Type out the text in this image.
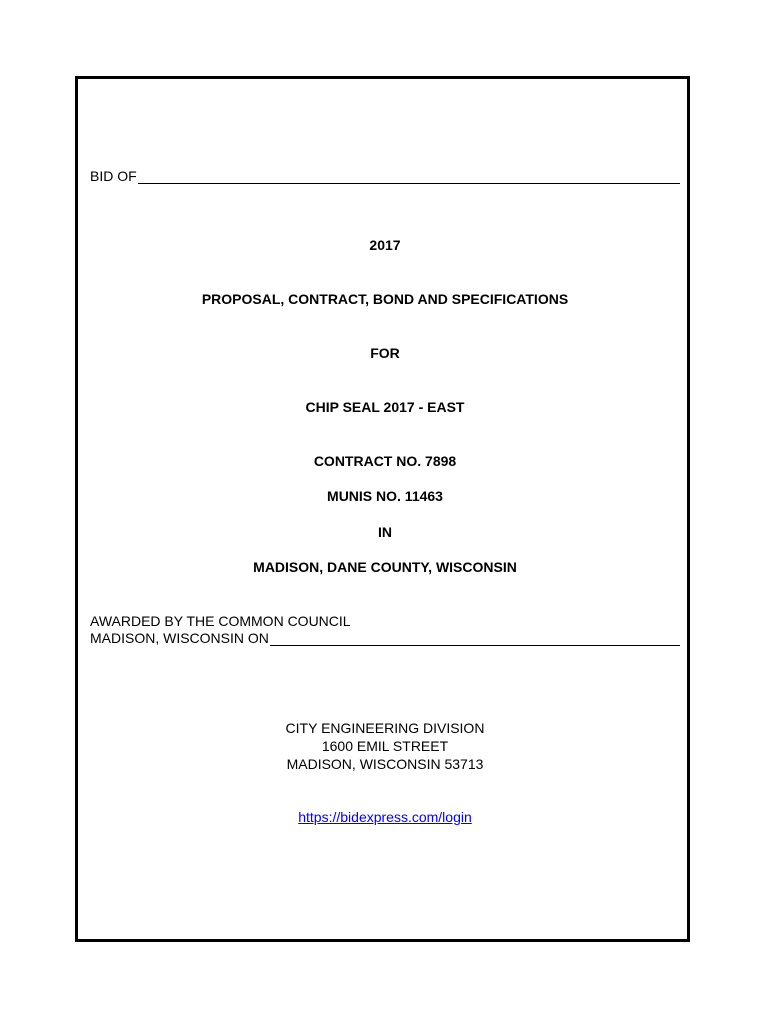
BID OF
2017
PROPOSAL, CONTRACT, BOND AND SPECIFICATIONS
FOR
CHIP SEAL 2017 - EAST
CONTRACT NO. 7898
MUNIS NO. 11463
IN
MADISON, DANE COUNTY, WISCONSIN
AWARDED BY THE COMMON COUNCIL
MADISON, WISCONSIN ON
CITY ENGINEERING DIVISION
1600 EMIL STREET
MADISON, WISCONSIN 53713
https://bidexpress.com/login
